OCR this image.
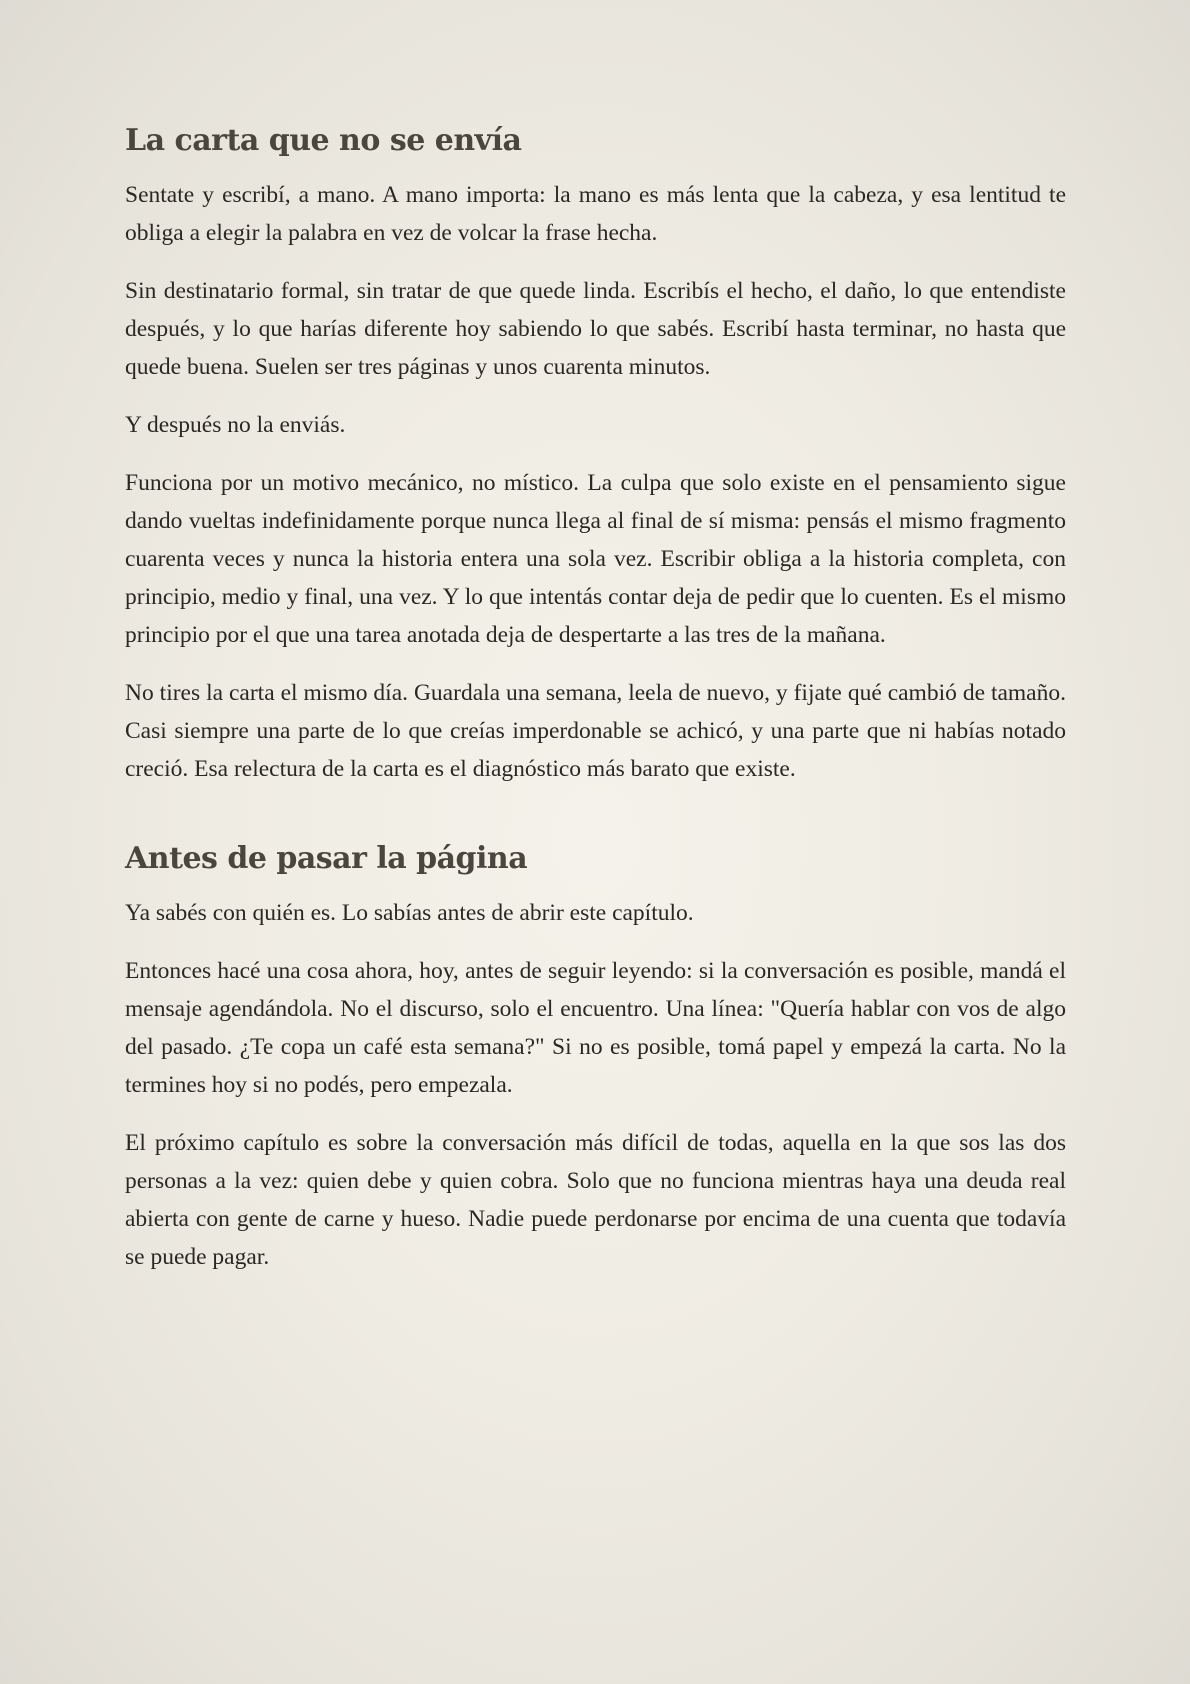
La carta que no se envía

Sentate y escribí, a mano. A mano importa: la mano es más lenta que la cabeza, y esa lentitud te obliga a elegir la palabra en vez de volcar la frase hecha.

Sin destinatario formal, sin tratar de que quede linda. Escribís el hecho, el daño, lo que entendiste después, y lo que harías diferente hoy sabiendo lo que sabés. Escribí hasta terminar, no hasta que quede buena. Suelen ser tres páginas y unos cuarenta minutos.

Y después no la enviás.

Funciona por un motivo mecánico, no místico. La culpa que solo existe en el pensamiento sigue dando vueltas indefinidamente porque nunca llega al final de sí misma: pensás el mismo fragmento cuarenta veces y nunca la historia entera una sola vez. Escribir obliga a la historia completa, con principio, medio y final, una vez. Y lo que intentás contar deja de pedir que lo cuenten. Es el mismo principio por el que una tarea anotada deja de despertarte a las tres de la mañana.

No tires la carta el mismo día. Guardala una semana, leela de nuevo, y fijate qué cambió de tamaño. Casi siempre una parte de lo que creías imperdonable se achicó, y una parte que ni habías notado creció. Esa relectura de la carta es el diagnóstico más barato que existe.

Antes de pasar la página

Ya sabés con quién es. Lo sabías antes de abrir este capítulo.

Entonces hacé una cosa ahora, hoy, antes de seguir leyendo: si la conversación es posible, mandá el mensaje agendándola. No el discurso, solo el encuentro. Una línea: "Quería hablar con vos de algo del pasado. ¿Te copa un café esta semana?" Si no es posible, tomá papel y empezá la carta. No la termines hoy si no podés, pero empezala.

El próximo capítulo es sobre la conversación más difícil de todas, aquella en la que sos las dos personas a la vez: quien debe y quien cobra. Solo que no funciona mientras haya una deuda real abierta con gente de carne y hueso. Nadie puede perdonarse por encima de una cuenta que todavía se puede pagar.
